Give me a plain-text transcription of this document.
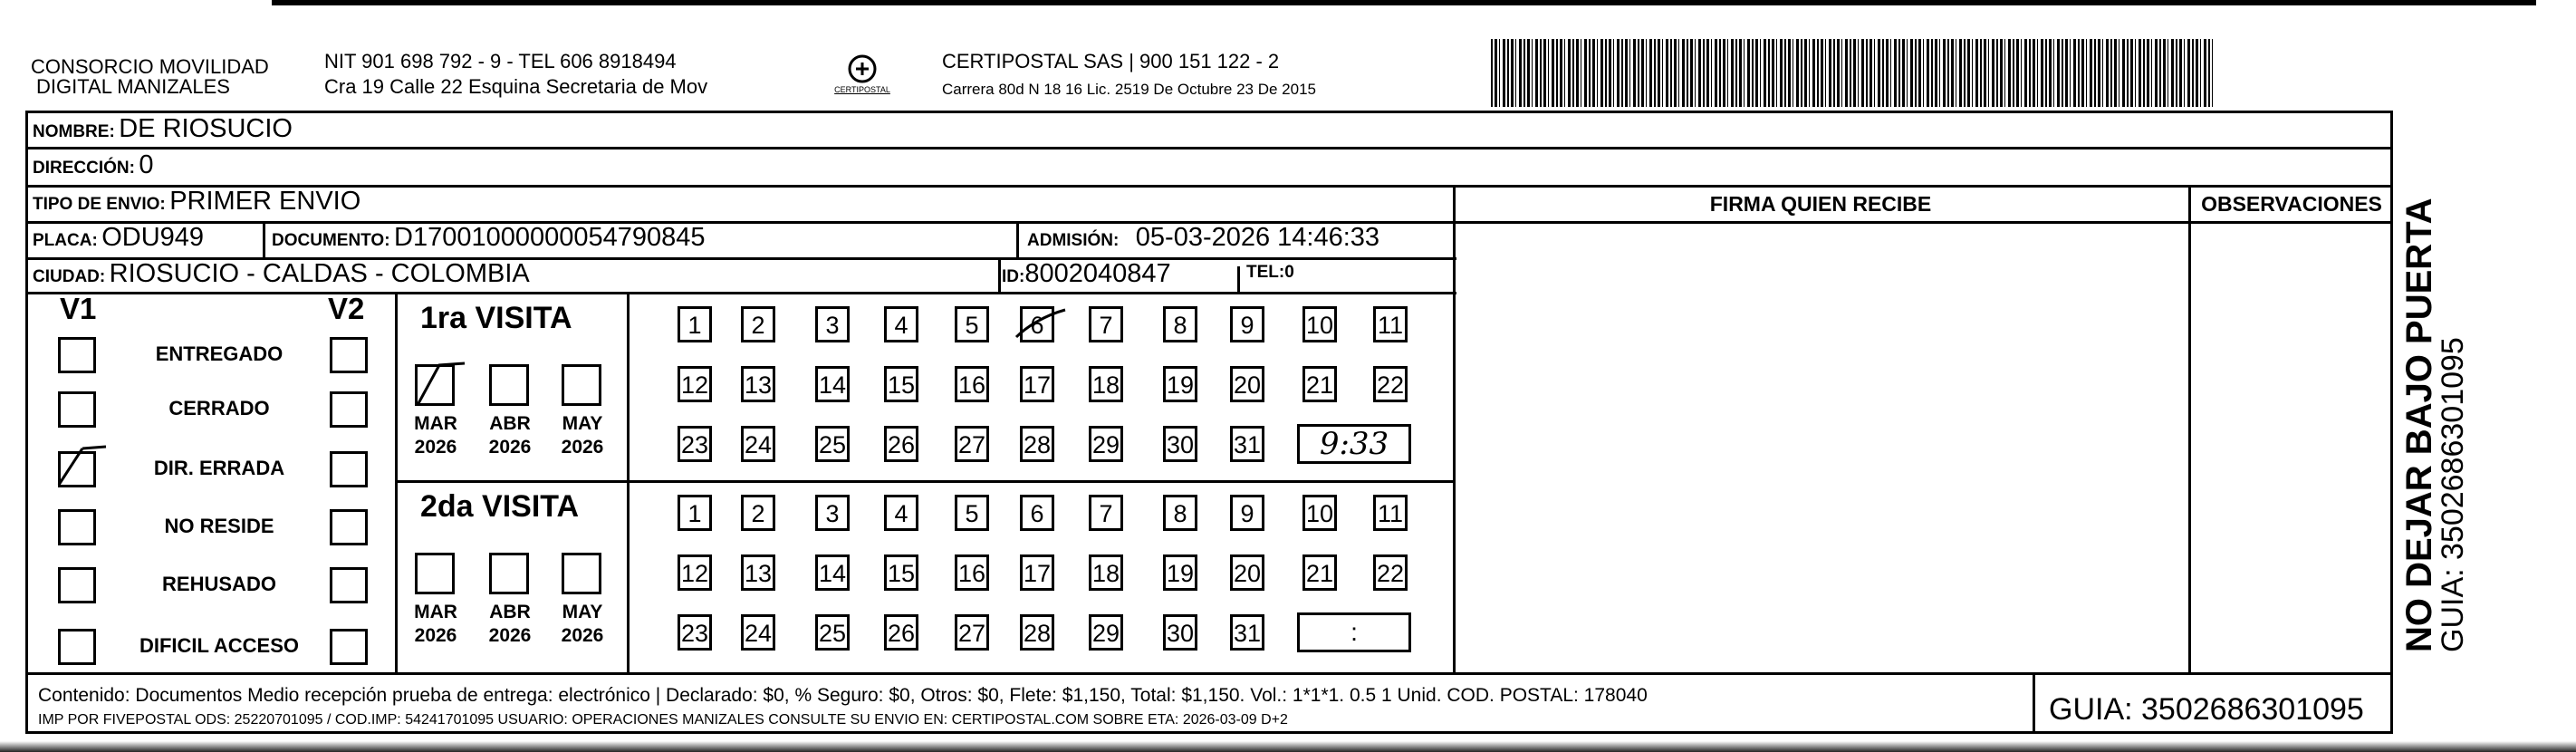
CONSORCIO MOVILIDAD
DIGITAL MANIZALES
NIT 901 698 792 - 9 - TEL 606 8918494
Cra 19 Calle 22 Esquina Secretaria de Mov	CERTIPOSTAL
CERTIPOSTAL SAS | 900 151 122 - 2
Carrera 80d N 18 16 Lic. 2519 De Octubre 23 De 2015
NOMBRE: DE RIOSUCIO
DIRECCIÓN: 0
TIPO DE ENVIO: PRIMER ENVIO
PLACA: ODU949	DOCUMENTO: D17001000000054790845	ADMISIÓN: 05-03-2026 14:46:33
CIUDAD: RIOSUCIO - CALDAS - COLOMBIA	ID:8002040847	TEL:0
FIRMA QUIEN RECIBE	OBSERVACIONES
V1	V2
ENTREGADO
CERRADO
DIR. ERRADA
NO RESIDE
REHUSADO
DIFICIL ACCESO
1ra VISITA
MAR
2026
ABR
2026
MAY
2026
1	2	3	4	5	6	7	8	9	10 11
12 13 14 15 16 17 18 19 20 21 22
23 24 25 26 27 28 29 30 31	9:33
2da VISITA
MAR
2026
ABR
2026
MAY
2026
1	2	3	4	5	6	7	8	9	10 11
12 13 14 15 16 17 18 19 20 21 22
23 24 25 26 27 28 29 30 31	:	NO DEJAR BAJO PUERTA
GUIA: 3502686301095
Contenido: Documentos Medio recepción prueba de entrega: electrónico | Declarado: $0, % Seguro: $0, Otros: $0, Flete: $1,150, Total: $1,150. Vol.: 1*1*1. 0.5 1 Unid. COD. POSTAL: 178040
IMP POR FIVEPOSTAL ODS: 25220701095 / COD.IMP: 54241701095 USUARIO: OPERACIONES MANIZALES CONSULTE SU ENVIO EN: CERTIPOSTAL.COM SOBRE ETA: 2026-03-09 D+2	GUIA: 3502686301095
